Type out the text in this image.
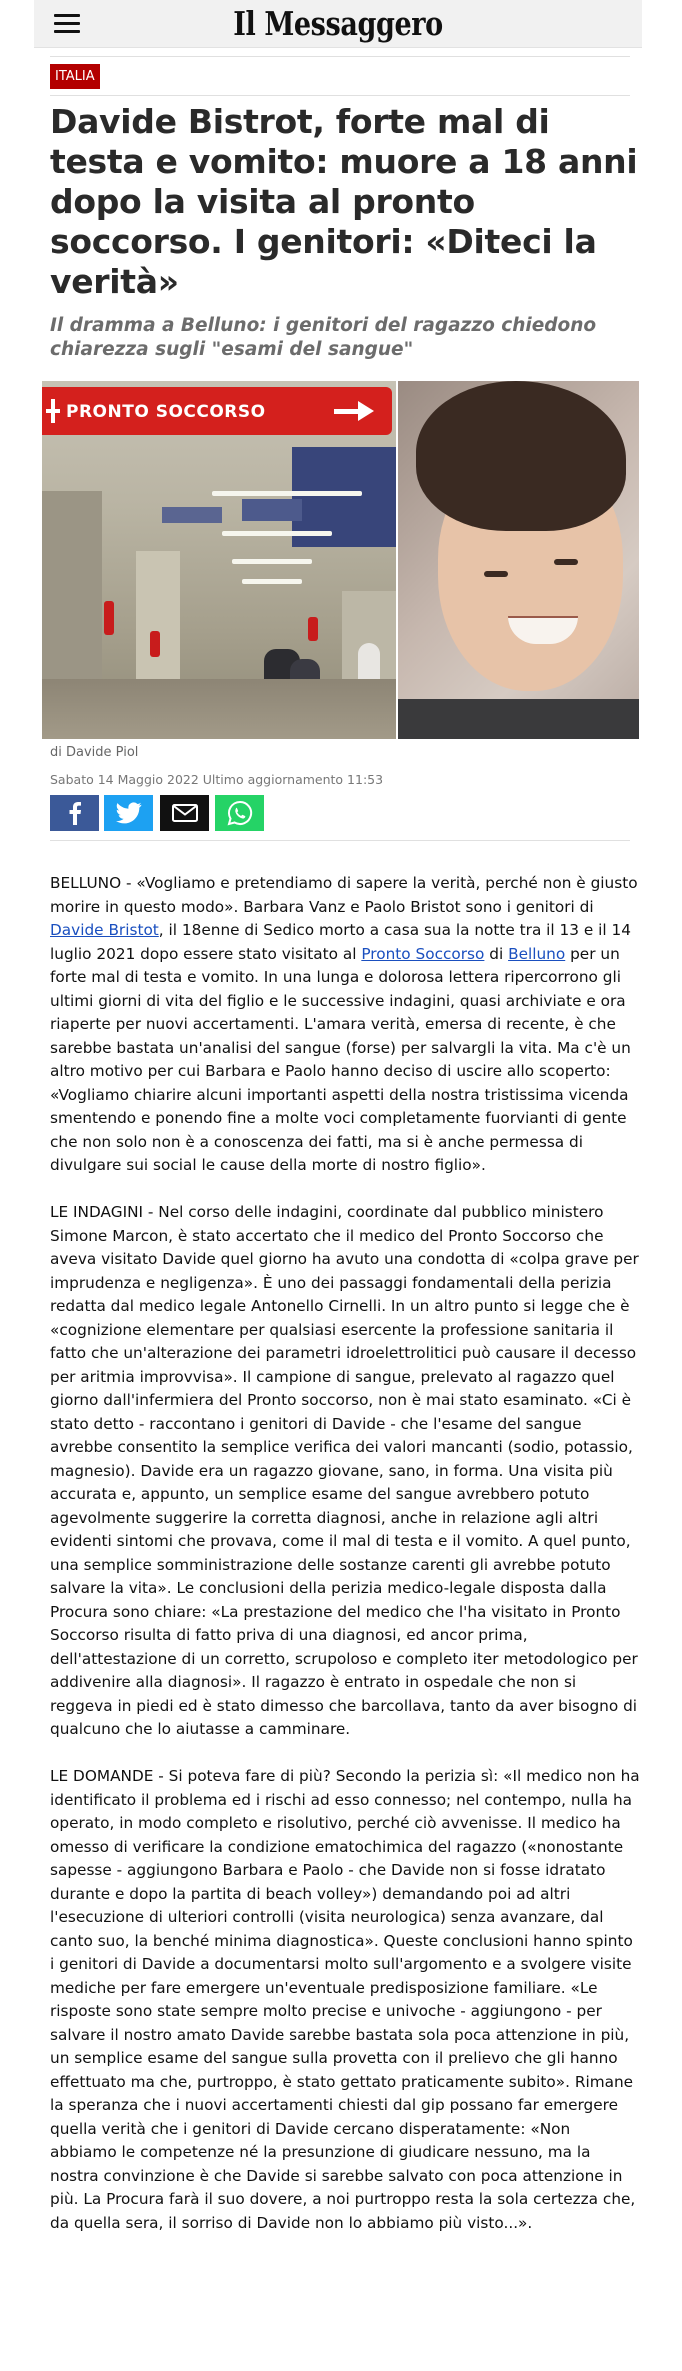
Il Messaggero
ITALIA
Davide Bistrot, forte mal di testa e vomito: muore a 18 anni dopo la visita al pronto soccorso. I genitori: «Diteci la verità»
Il dramma a Belluno: i genitori del ragazzo chiedono chiarezza sugli "esami del sangue"
PRONTO SOCCORSO
di Davide Piol
Sabato 14 Maggio 2022 Ultimo aggiornamento 11:53

BELLUNO - «Vogliamo e pretendiamo di sapere la verità, perché non è giusto morire in questo modo». Barbara Vanz e Paolo Bristot sono i genitori di Davide Bristot, il 18enne di Sedico morto a casa sua la notte tra il 13 e il 14 luglio 2021 dopo essere stato visitato al Pronto Soccorso di Belluno per un forte mal di testa e vomito. In una lunga e dolorosa lettera ripercorrono gli ultimi giorni di vita del figlio e le successive indagini, quasi archiviate e ora riaperte per nuovi accertamenti. L'amara verità, emersa di recente, è che sarebbe bastata un'analisi del sangue (forse) per salvargli la vita. Ma c'è un altro motivo per cui Barbara e Paolo hanno deciso di uscire allo scoperto: «Vogliamo chiarire alcuni importanti aspetti della nostra tristissima vicenda smentendo e ponendo fine a molte voci completamente fuorvianti di gente che non solo non è a conoscenza dei fatti, ma si è anche permessa di divulgare sui social le cause della morte di nostro figlio».

LE INDAGINI - Nel corso delle indagini, coordinate dal pubblico ministero Simone Marcon, è stato accertato che il medico del Pronto Soccorso che aveva visitato Davide quel giorno ha avuto una condotta di «colpa grave per imprudenza e negligenza». È uno dei passaggi fondamentali della perizia redatta dal medico legale Antonello Cirnelli. In un altro punto si legge che è «cognizione elementare per qualsiasi esercente la professione sanitaria il fatto che un'alterazione dei parametri idroelettrolitici può causare il decesso per aritmia improvvisa». Il campione di sangue, prelevato al ragazzo quel giorno dall'infermiera del Pronto soccorso, non è mai stato esaminato. «Ci è stato detto - raccontano i genitori di Davide - che l'esame del sangue avrebbe consentito la semplice verifica dei valori mancanti (sodio, potassio, magnesio). Davide era un ragazzo giovane, sano, in forma. Una visita più accurata e, appunto, un semplice esame del sangue avrebbero potuto agevolmente suggerire la corretta diagnosi, anche in relazione agli altri evidenti sintomi che provava, come il mal di testa e il vomito. A quel punto, una semplice somministrazione delle sostanze carenti gli avrebbe potuto salvare la vita». Le conclusioni della perizia medico-legale disposta dalla Procura sono chiare: «La prestazione del medico che l'ha visitato in Pronto Soccorso risulta di fatto priva di una diagnosi, ed ancor prima, dell'attestazione di un corretto, scrupoloso e completo iter metodologico per addivenire alla diagnosi». Il ragazzo è entrato in ospedale che non si reggeva in piedi ed è stato dimesso che barcollava, tanto da aver bisogno di qualcuno che lo aiutasse a camminare.

LE DOMANDE - Si poteva fare di più? Secondo la perizia sì: «Il medico non ha identificato il problema ed i rischi ad esso connesso; nel contempo, nulla ha operato, in modo completo e risolutivo, perché ciò avvenisse. Il medico ha omesso di verificare la condizione ematochimica del ragazzo («nonostante sapesse - aggiungono Barbara e Paolo - che Davide non si fosse idratato durante e dopo la partita di beach volley») demandando poi ad altri l'esecuzione di ulteriori controlli (visita neurologica) senza avanzare, dal canto suo, la benché minima diagnostica». Queste conclusioni hanno spinto i genitori di Davide a documentarsi molto sull'argomento e a svolgere visite mediche per fare emergere un'eventuale predisposizione familiare. «Le risposte sono state sempre molto precise e univoche - aggiungono - per salvare il nostro amato Davide sarebbe bastata sola poca attenzione in più, un semplice esame del sangue sulla provetta con il prelievo che gli hanno effettuato ma che, purtroppo, è stato gettato praticamente subito». Rimane la speranza che i nuovi accertamenti chiesti dal gip possano far emergere quella verità che i genitori di Davide cercano disperatamente: «Non abbiamo le competenze né la presunzione di giudicare nessuno, ma la nostra convinzione è che Davide si sarebbe salvato con poca attenzione in più. La Procura farà il suo dovere, a noi purtroppo resta la sola certezza che, da quella sera, il sorriso di Davide non lo abbiamo più visto...».
